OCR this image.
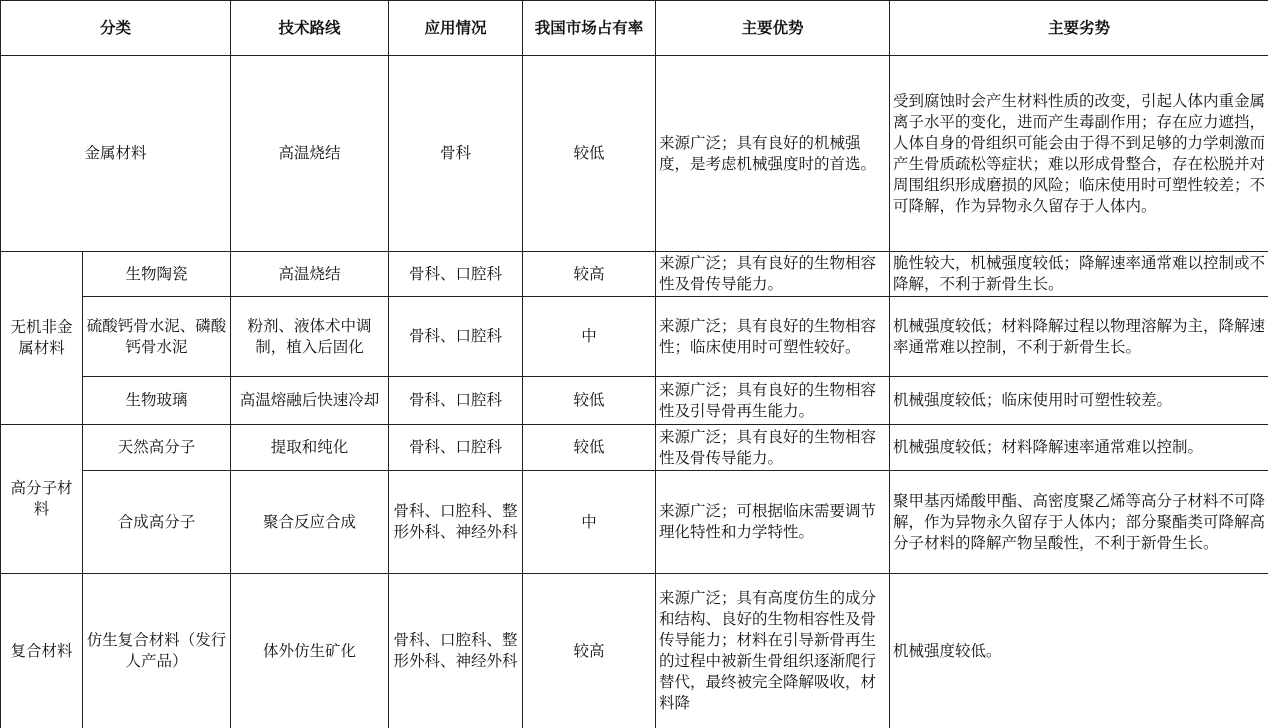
分类		技术路线	应用情况	我国市场占有率	主要优势	主要劣势
金属材料		高温烧结	骨科	较低	来源广泛；具有良好的机械强度，是考虑机械强度时的首选。	受到腐蚀时会产生材料性质的改变，引起人体内重金属离子水平的变化，进而产生毒副作用；存在应力遮挡，人体自身的骨组织可能会由于得不到足够的力学刺激而产生骨质疏松等症状；难以形成骨整合，存在松脱并对周围组织形成磨损的风险；临床使用时可塑性较差；不可降解，作为异物永久留存于人体内。
无机非金属材料	生物陶瓷	高温烧结	骨科、口腔科	较高	来源广泛；具有良好的生物相容性及骨传导能力。	脆性较大，机械强度较低；降解速率通常难以控制或不降解，不利于新骨生长。
	硫酸钙骨水泥、磷酸钙骨水泥	粉剂、液体术中调制，植入后固化	骨科、口腔科	中	来源广泛；具有良好的生物相容性；临床使用时可塑性较好。	机械强度较低；材料降解过程以物理溶解为主，降解速率通常难以控制，不利于新骨生长。
	生物玻璃	高温熔融后快速冷却	骨科、口腔科	较低	来源广泛；具有良好的生物相容性及引导骨再生能力。	机械强度较低；临床使用时可塑性较差。
高分子材料	天然高分子	提取和纯化	骨科、口腔科	较低	来源广泛；具有良好的生物相容性及骨传导能力。	机械强度较低；材料降解速率通常难以控制。
	合成高分子	聚合反应合成	骨科、口腔科、整形外科、神经外科	中	来源广泛；可根据临床需要调节理化特性和力学特性。	聚甲基丙烯酸甲酯、高密度聚乙烯等高分子材料不可降解，作为异物永久留存于人体内；部分聚酯类可降解高分子材料的降解产物呈酸性，不利于新骨生长。
复合材料	仿生复合材料（发行人产品）	体外仿生矿化	骨科、口腔科、整形外科、神经外科	较高	来源广泛；具有高度仿生的成分和结构、良好的生物相容性及骨传导能力；材料在引导新骨再生的过程中被新生骨组织逐渐爬行替代，最终被完全降解吸收，材料降	机械强度较低。
